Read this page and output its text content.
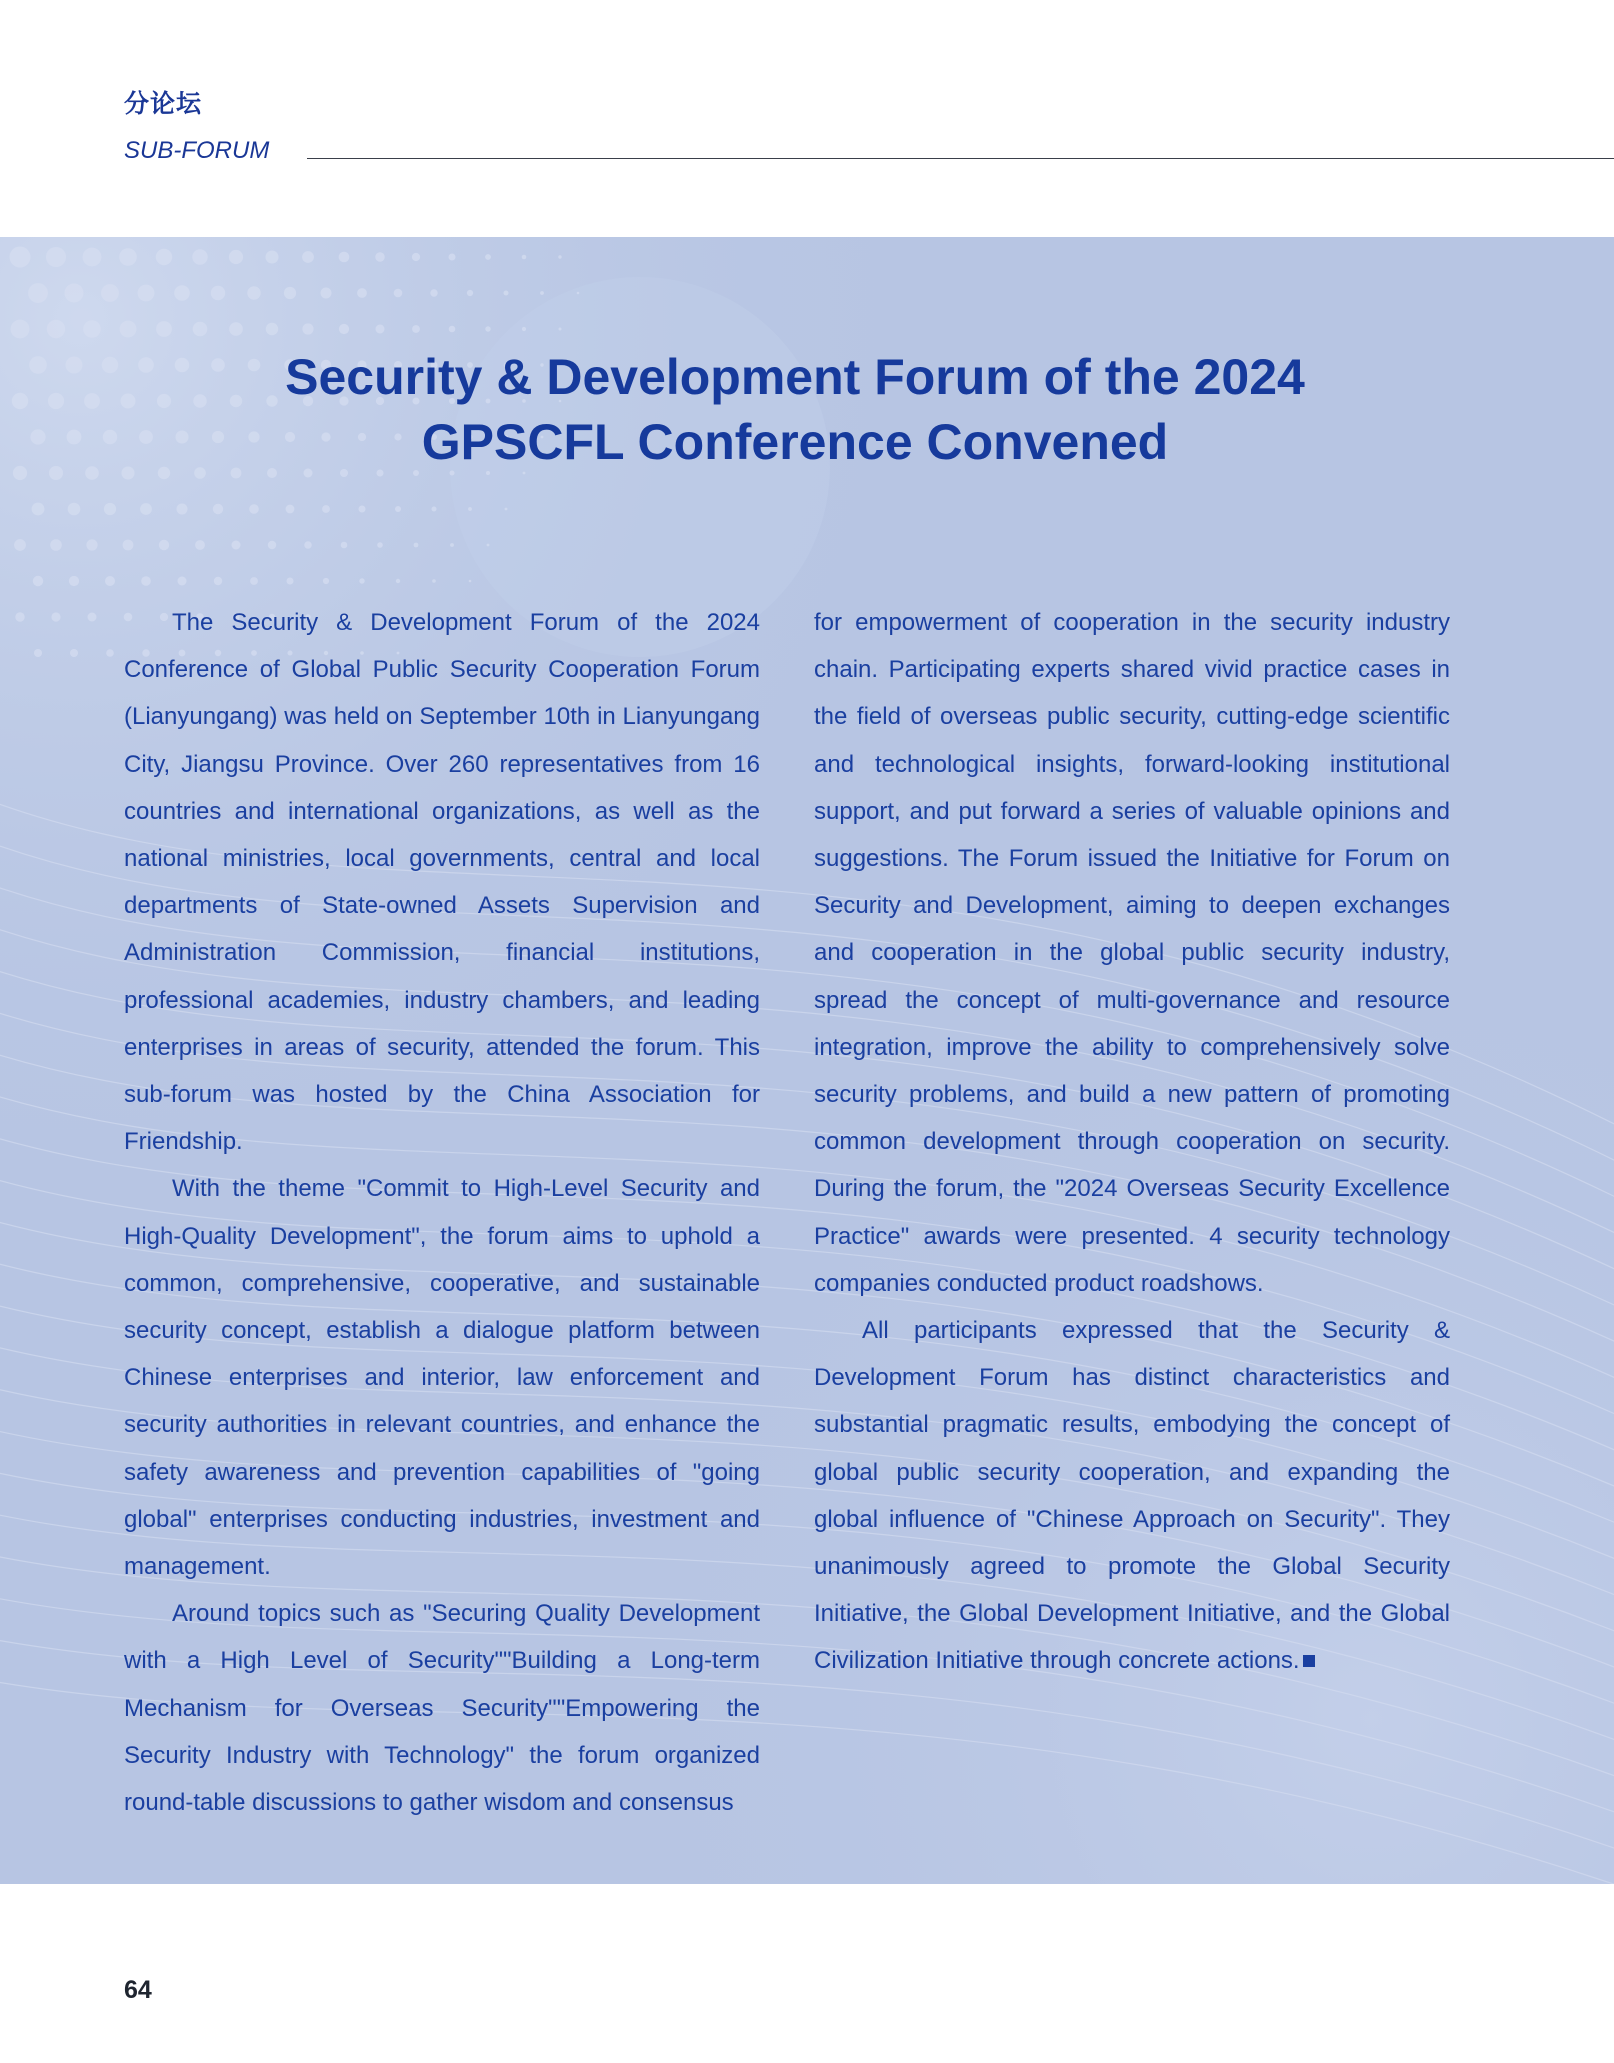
分论坛
SUB-FORUM
Security & Development Forum of the 2024
GPSCFL Conference Convened

The Security & Development Forum of the 2024 Conference of Global Public Security Cooperation Forum (Lianyungang) was held on September 10th in Lianyungang City, Jiangsu Province. Over 260 representatives from 16 countries and international organizations, as well as the national ministries, local governments, central and local departments of State-owned Assets Supervision and Administration Commission, financial institutions, professional academies, industry chambers, and leading enterprises in areas of security, attended the forum. This sub-forum was hosted by the China Association for Friendship.

With the theme "Commit to High-Level Security and High-Quality Development", the forum aims to uphold a common, comprehensive, cooperative, and sustainable security concept, establish a dialogue platform between Chinese enterprises and interior, law enforcement and security authorities in relevant countries, and enhance the safety awareness and prevention capabilities of "going global" enterprises conducting industries, investment and management.

Around topics such as "Securing Quality Development with a High Level of Security""Building a Long-term Mechanism for Overseas Security""Empowering the Security Industry with Technology" the forum organized round-table discussions to gather wisdom and consensus

for empowerment of cooperation in the security industry chain. Participating experts shared vivid practice cases in the field of overseas public security, cutting-edge scientific and technological insights, forward-looking institutional support, and put forward a series of valuable opinions and suggestions. The Forum issued the Initiative for Forum on Security and Development, aiming to deepen exchanges and cooperation in the global public security industry, spread the concept of multi-governance and resource integration, improve the ability to comprehensively solve security problems, and build a new pattern of promoting common development through cooperation on security. During the forum, the "2024 Overseas Security Excellence Practice" awards were presented. 4 security technology companies conducted product roadshows.

All participants expressed that the Security & Development Forum has distinct characteristics and substantial pragmatic results, embodying the concept of global public security cooperation, and expanding the global influence of "Chinese Approach on Security". They unanimously agreed to promote the Global Security Initiative, the Global Development Initiative, and the Global Civilization Initiative through concrete actions.

64
